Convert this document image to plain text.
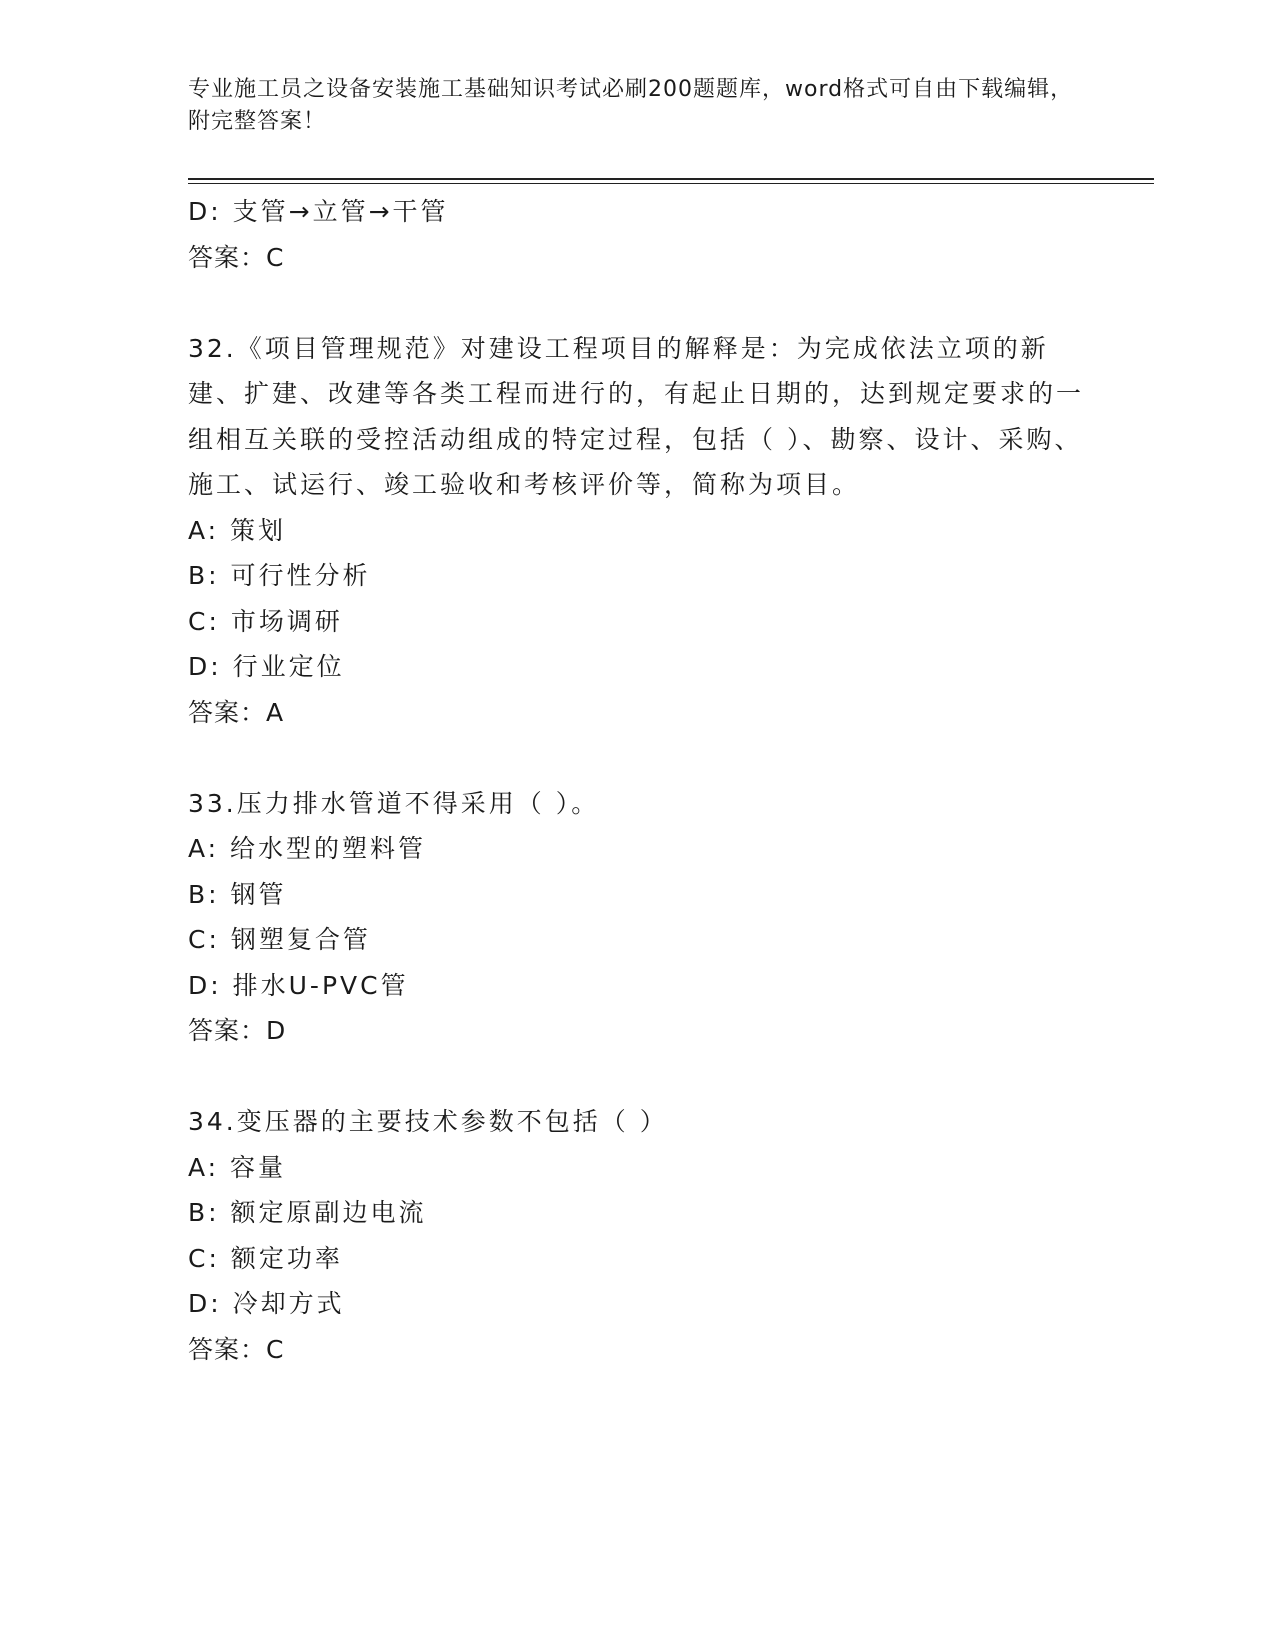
专业施工员之设备安装施工基础知识考试必刷200题题库，word格式可自由下载编辑，附完整答案！
D: 支管→立管→干管
答案：C
32.《项目管理规范》对建设工程项目的解释是：为完成依法立项的新建、扩建、改建等各类工程而进行的，有起止日期的，达到规定要求的一组相互关联的受控活动组成的特定过程，包括（ ）、勘察、设计、采购、施工、试运行、竣工验收和考核评价等，简称为项目。
A: 策划
B: 可行性分析
C: 市场调研
D: 行业定位
答案：A
33.压力排水管道不得采用（ ）。
A: 给水型的塑料管
B: 钢管
C: 钢塑复合管
D: 排水U-PVC管
答案：D
34.变压器的主要技术参数不包括（ ）
A: 容量
B: 额定原副边电流
C: 额定功率
D: 冷却方式
答案：C
